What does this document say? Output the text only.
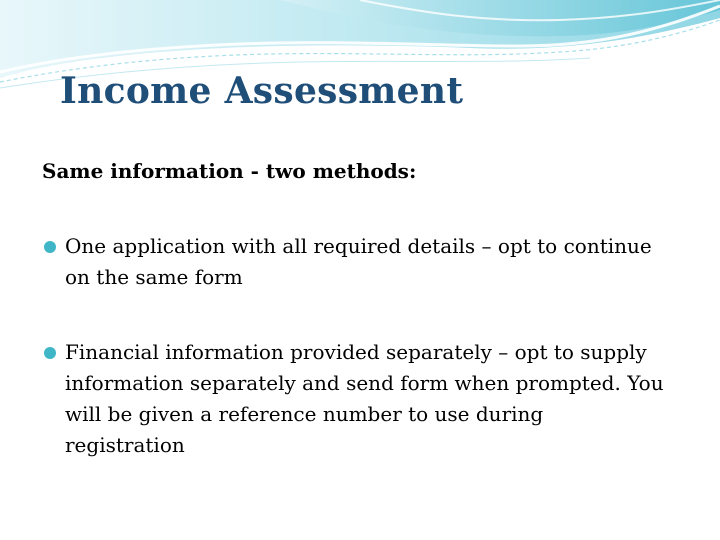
Income Assessment
Same information - two methods:
One application with all required details – opt to continue on the same form
Financial information provided separately – opt to supply information separately and send form when prompted. You will be given a reference number to use during registration
